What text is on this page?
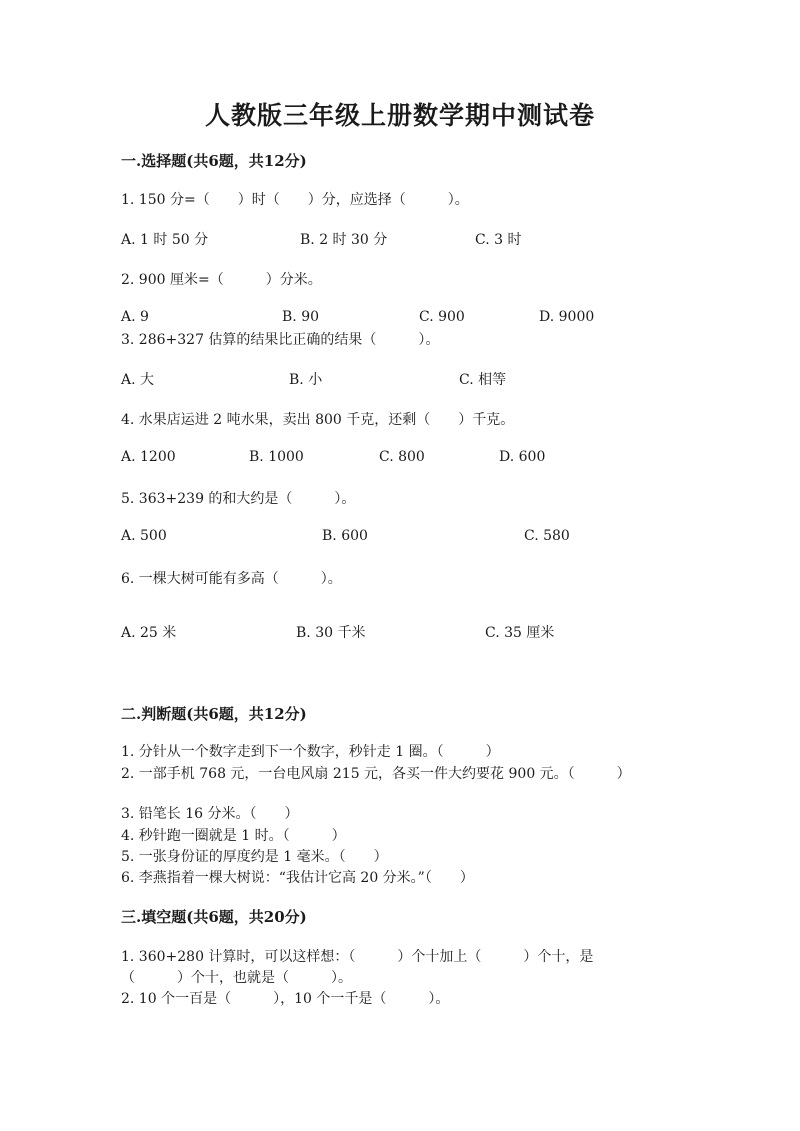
人教版三年级上册数学期中测试卷
一.选择题(共6题，共12分)
1. 150 分=（　　）时（　　）分，应选择（　　　）。
A. 1 时 50 分	B. 2 时 30 分	C. 3 时
2. 900 厘米=（　　　）分米。
A. 9	B. 90	C. 900	D. 9000
3. 286+327 估算的结果比正确的结果（　　　）。
A. 大	B. 小	C. 相等
4. 水果店运进 2 吨水果，卖出 800 千克，还剩（　　）千克。
A. 1200	B. 1000	C. 800	D. 600
5. 363+239 的和大约是（　　　）。
A. 500	B. 600	C. 580
6. 一棵大树可能有多高（　　　）。
A. 25 米	B. 30 千米	C. 35 厘米
二.判断题(共6题，共12分)
1. 分针从一个数字走到下一个数字，秒针走 1 圈。（　　　）
2. 一部手机 768 元，一台电风扇 215 元，各买一件大约要花 900 元。（　　　）
3. 铅笔长 16 分米。（　　）
4. 秒针跑一圈就是 1 时。（　　　）
5. 一张身份证的厚度约是 1 毫米。（　　）
6. 李燕指着一棵大树说：“我估计它高 20 分米。”（　　）
三.填空题(共6题，共20分)
1. 360+280 计算时，可以这样想：（　　　）个十加上（　　　）个十，是
（　　　）个十，也就是（　　　）。
2. 10 个一百是（　　　），10 个一千是（　　　）。
